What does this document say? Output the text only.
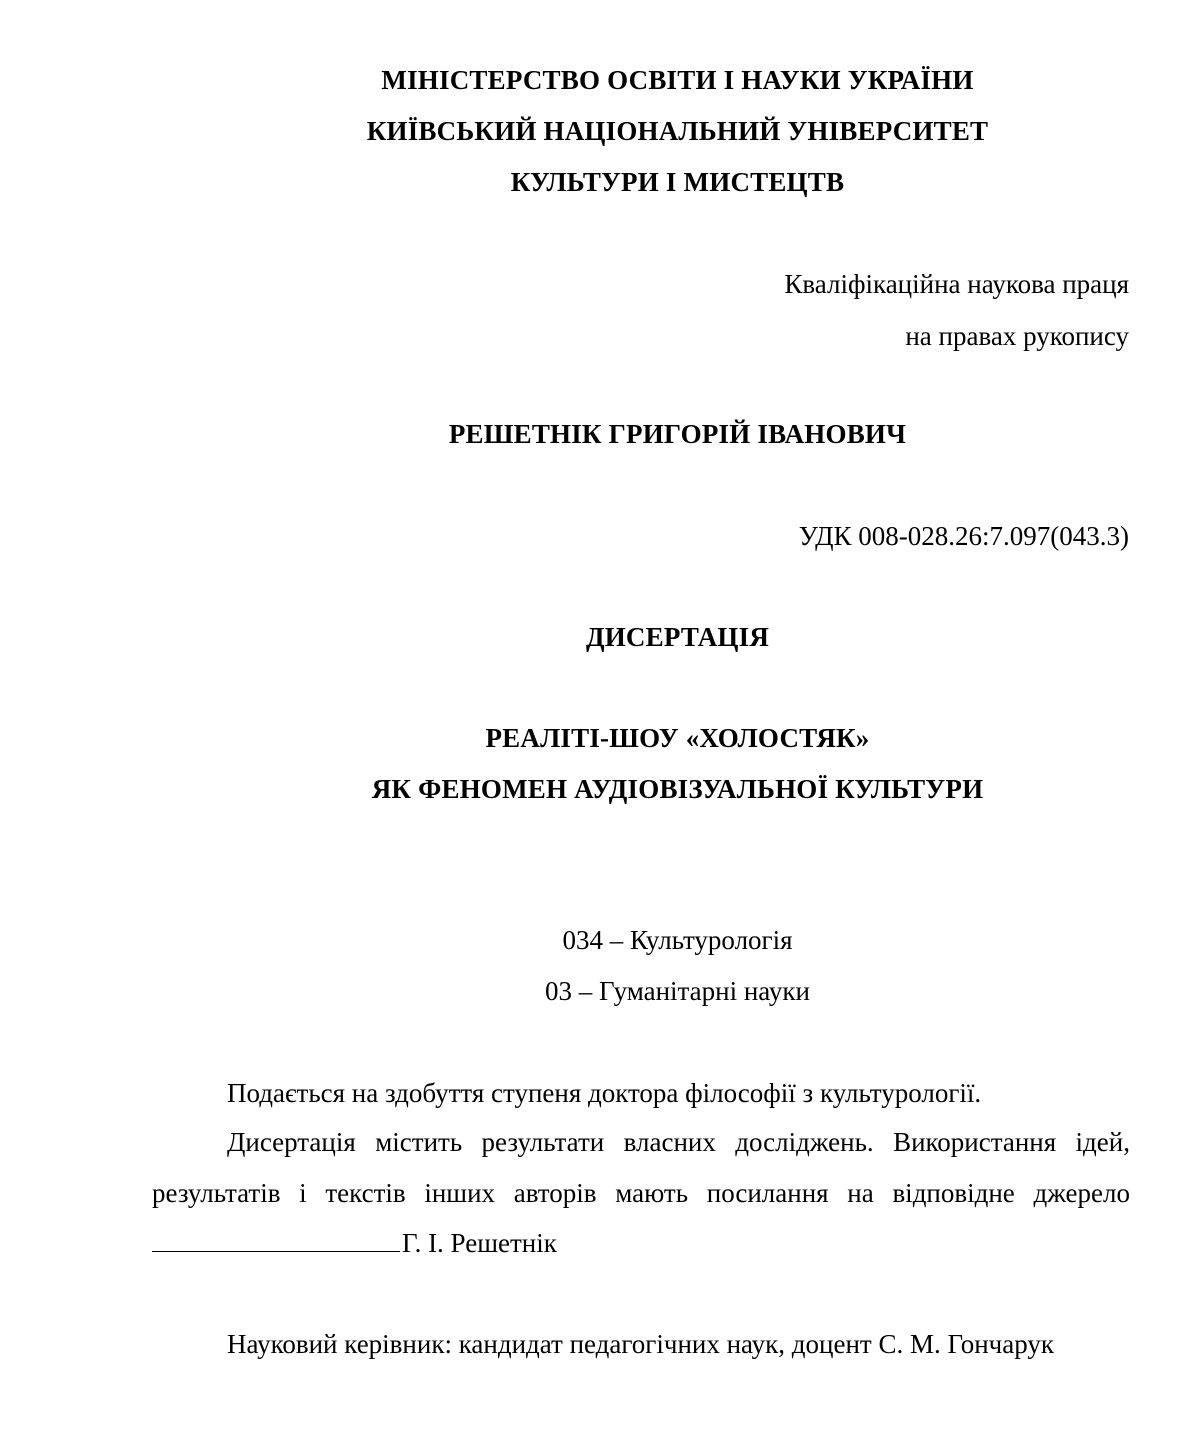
МІНІСТЕРСТВО ОСВІТИ І НАУКИ УКРАЇНИ
КИЇВСЬКИЙ НАЦІОНАЛЬНИЙ УНІВЕРСИТЕТ
КУЛЬТУРИ І МИСТЕЦТВ
Кваліфікаційна наукова праця
на правах рукопису
РЕШЕТНІК ГРИГОРІЙ ІВАНОВИЧ
УДК 008-028.26:7.097(043.3)
ДИСЕРТАЦІЯ
РЕАЛІТІ-ШОУ «ХОЛОСТЯК»
ЯК ФЕНОМЕН АУДІОВІЗУАЛЬНОЇ КУЛЬТУРИ
034 – Культурологія
03 – Гуманітарні науки
Подається на здобуття ступеня доктора філософії з культурології.
Дисертація містить результати власних досліджень. Використання ідей,
результатів і текстів інших авторів мають посилання на відповідне джерело
Г. І. Решетнік
Науковий керівник: кандидат педагогічних наук, доцент С. М. Гончарук
